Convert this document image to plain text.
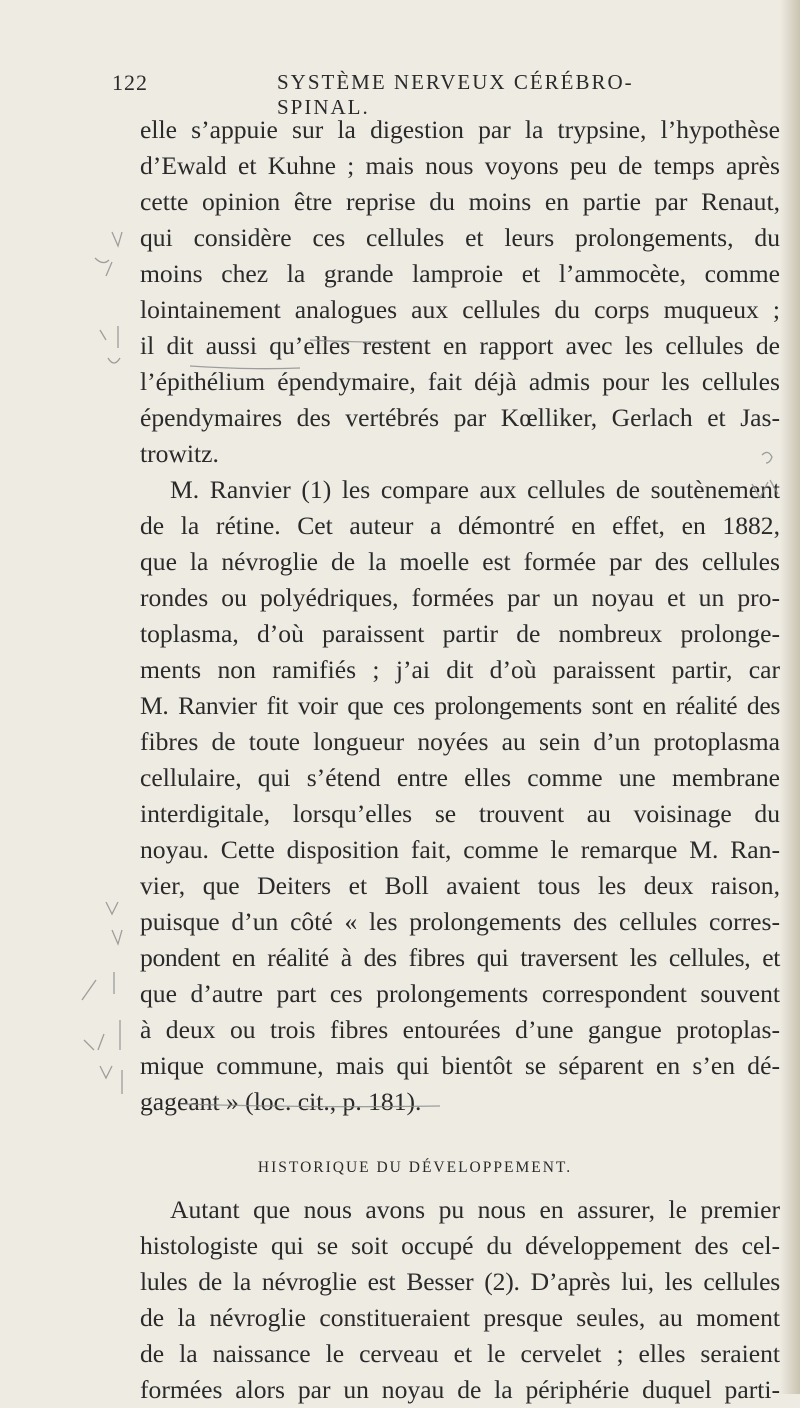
122	SYSTÈME NERVEUX CÉRÉBRO-SPINAL.
elle s’appuie sur la digestion par la trypsine, l’hypothèse
d’Ewald et Kuhne ; mais nous voyons peu de temps après
cette opinion être reprise du moins en partie par Renaut,
qui considère ces cellules et leurs prolongements, du
moins chez la grande lamproie et l’ammocète, comme
lointainement analogues aux cellules du corps muqueux ;
il dit aussi qu’elles restent en rapport avec les cellules de
l’épithélium épendymaire, fait déjà admis pour les cellules
épendymaires des vertébrés par Kœlliker, Gerlach et Jas-
trowitz.
M. Ranvier (1) les compare aux cellules de soutènement
de la rétine. Cet auteur a démontré en effet, en 1882,
que la névroglie de la moelle est formée par des cellules
rondes ou polyédriques, formées par un noyau et un pro-
toplasma, d’où paraissent partir de nombreux prolonge-
ments non ramifiés ; j’ai dit d’où paraissent partir, car
M. Ranvier fit voir que ces prolongements sont en réalité des
fibres de toute longueur noyées au sein d’un protoplasma
cellulaire, qui s’étend entre elles comme une membrane
interdigitale, lorsqu’elles se trouvent au voisinage du
noyau. Cette disposition fait, comme le remarque M. Ran-
vier, que Deiters et Boll avaient tous les deux raison,
puisque d’un côté « les prolongements des cellules corres-
pondent en réalité à des fibres qui traversent les cellules, et
que d’autre part ces prolongements correspondent souvent
à deux ou trois fibres entourées d’une gangue protoplas-
mique commune, mais qui bientôt se séparent en s’en dé-
gageant » (loc. cit., p. 181).
HISTORIQUE DU DÉVELOPPEMENT.
Autant que nous avons pu nous en assurer, le premier
histologiste qui se soit occupé du développement des cel-
lules de la névroglie est Besser (2). D’après lui, les cellules
de la névroglie constitueraient presque seules, au moment
de la naissance le cerveau et le cervelet ; elles seraient
formées alors par un noyau de la périphérie duquel parti-
